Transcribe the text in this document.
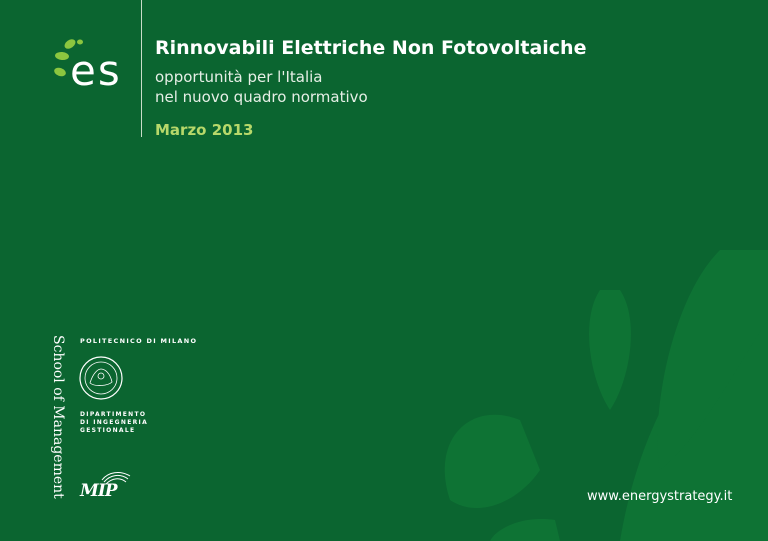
es Rinnovabili Elettriche Non Fotovoltaiche
opportunità per l'Italia
nel nuovo quadro normativo
Marzo 2013
School of Management POLITECNICO DI MILANO
DIPARTIMENTO
DI INGEGNERIA
GESTIONALE
MIP	www.energystrategy.it
